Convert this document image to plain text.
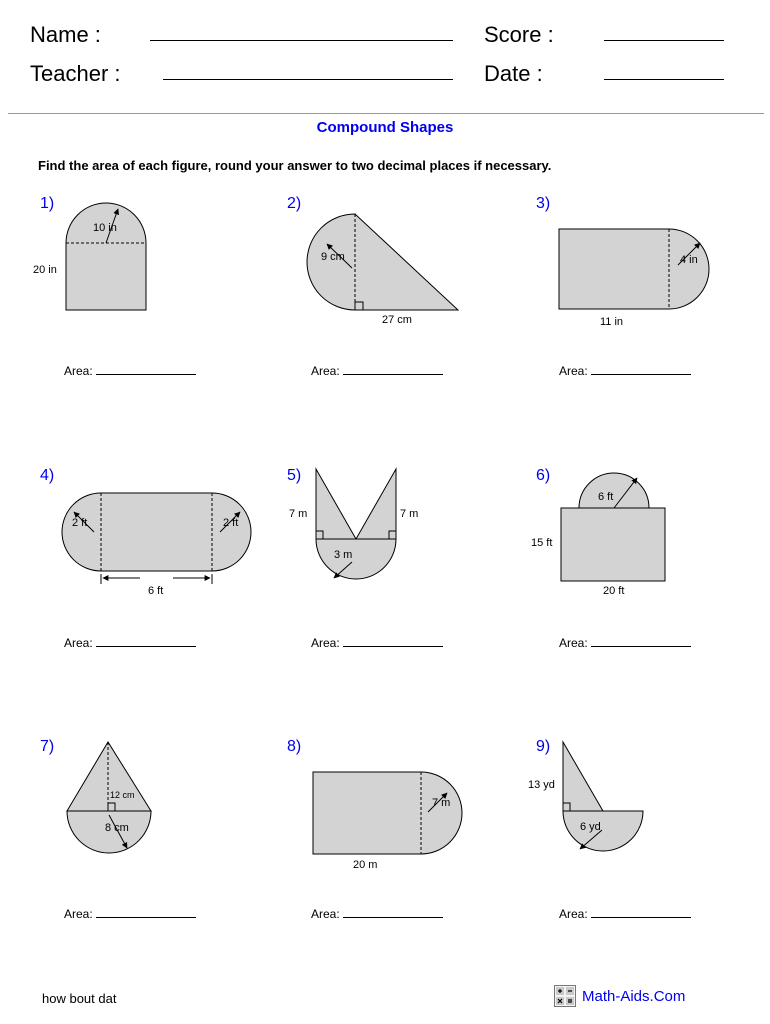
Name :
Teacher :
Score :
Date :
Compound Shapes
Find the area of each figure, round your answer to two decimal places if necessary.
1)	2)	3)
4)	5)	6)
7)	8)	9)
Area:	Area:	Area:
Area:	Area:	Area:
Area:	Area:	Area:
10 in
20 in
9 cm
27 cm
4 in
11 in
2 ft	2 ft
6 ft
7 m	7 m
3 m
6 ft
15 ft
20 ft
12 cm
8 cm
7 m
20 m
13 yd
6 yd
how bout dat	Math-Aids.Com
